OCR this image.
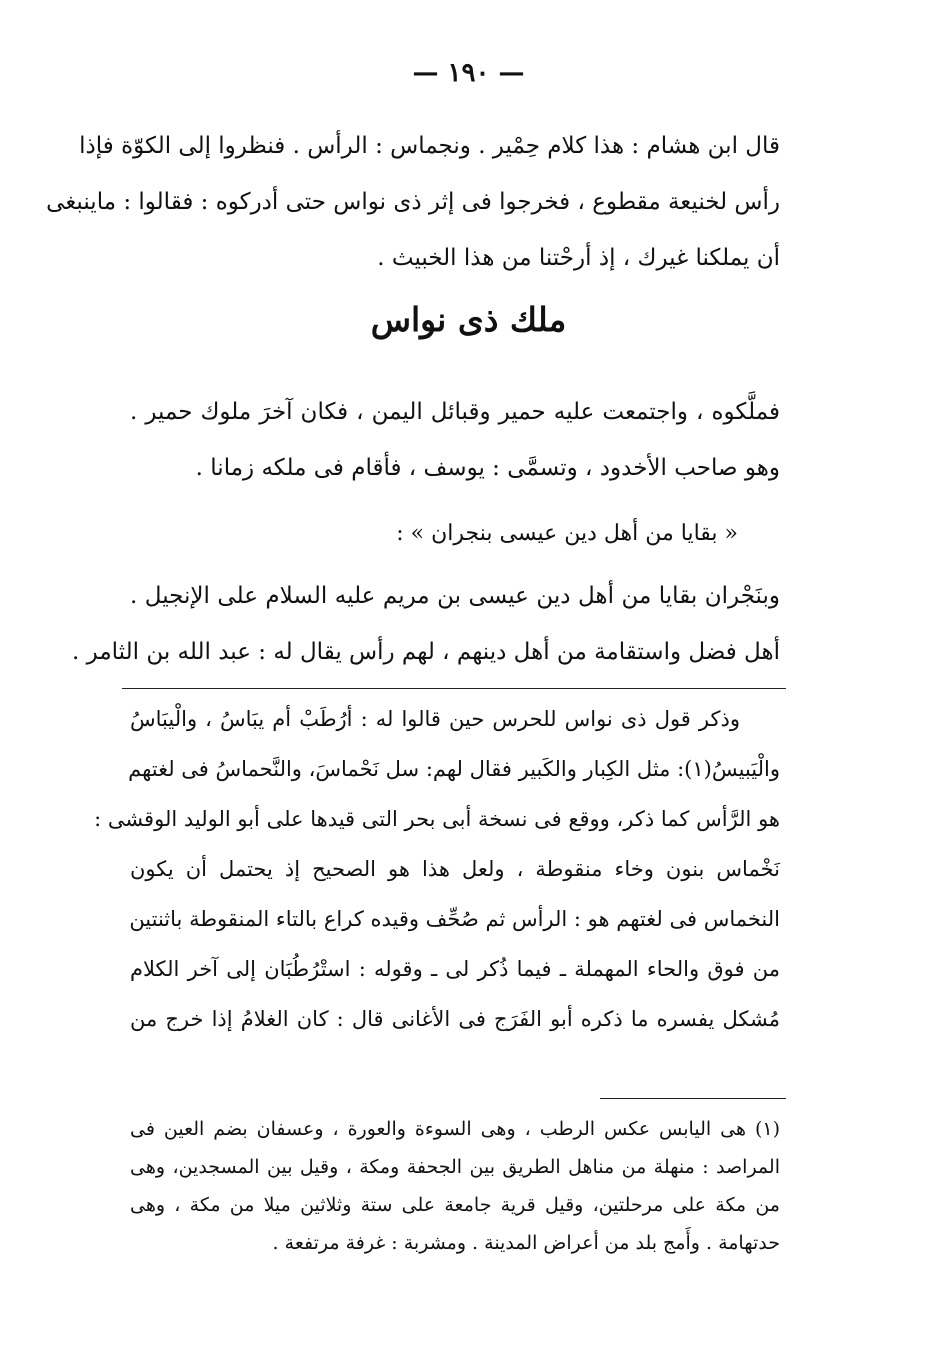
— ١٩٠ —
قال ابن هشام : هذا كلام حِمْير . ونجماس : الرأس . فنظروا إلى الكوّة فإذا
رأس لخنيعة مقطوع ، فخرجوا فى إثر ذى نواس حتى أدركوه : فقالوا : ماينبغى
أن يملكنا غيرك ، إذ أرحْتنا من هذا الخبيث .
ملك ذى نواس
فملَّكوه ، واجتمعت عليه حمير وقبائل اليمن ، فكان آخرَ ملوك حمير .
وهو صاحب الأخدود ، وتسمَّى : يوسف ، فأقام فى ملكه زمانا .
« بقايا من أهل دين عيسى بنجران » :
وبنَجْران بقايا من أهل دين عيسى بن مريم عليه السلام على الإنجيل .
أهل فضل واستقامة من أهل دينهم ، لهم رأس يقال له : عبد الله بن الثامر .
وذكر قول ذى نواس للحرس حين قالوا له : أرُطَبْ أم يبَاسُ ، والْيبَاسُ
والْيَبيسُ(١): مثل الكِبار والكَبير فقال لهم: سل نَحْماسَ، والنَّحماسُ فى لغتهم
هو الرَّأس كما ذكر، ووقع فى نسخة أبى بحر التى قيدها على أبو الوليد الوقشى :
نَخْماس بنون وخاء منقوطة ، ولعل هذا هو الصحيح إذ يحتمل أن يكون
النخماس فى لغتهم هو : الرأس ثم صُحِّف وقيده كراع بالتاء المنقوطة باثنتين
من فوق والحاء المهملة ـ فيما ذُكر لى ـ وقوله : استْرُطُبَان إلى آخر الكلام
مُشكل يفسره ما ذكره أبو الفَرَج فى الأغانى قال : كان الغلامُ إذا خرج من
(١) هى اليابس عكس الرطب ، وهى السوءة والعورة ، وعسفان بضم العين فى
المراصد : منهلة من مناهل الطريق بين الجحفة ومكة ، وقيل بين المسجدين، وهى
من مكة على مرحلتين، وقيل قرية جامعة على ستة وثلاثين ميلا من مكة ، وهى
حدتهامة . وأَمج بلد من أعراض المدينة . ومشربة : غرفة مرتفعة .
